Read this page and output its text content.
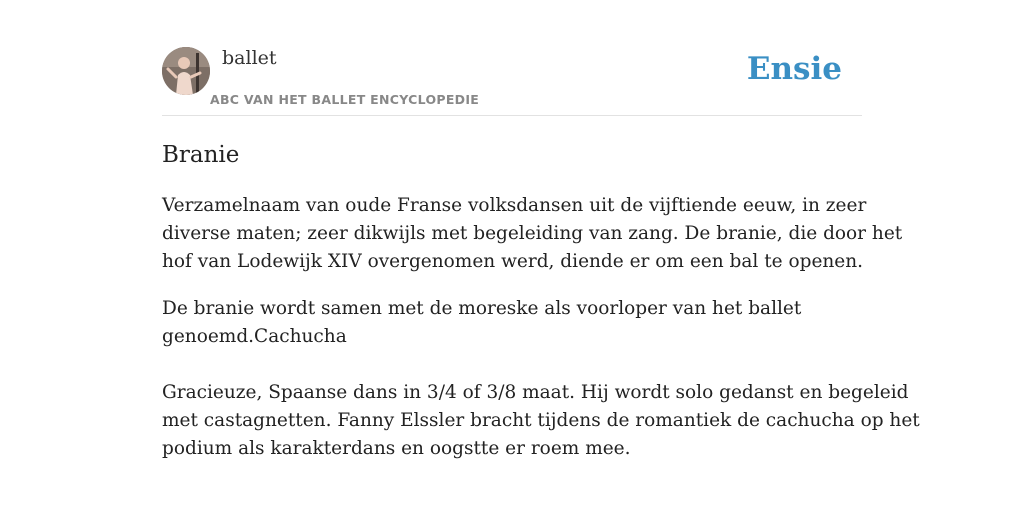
ballet
ABC VAN HET BALLET ENCYCLOPEDIE
Ensie
Branie

Verzamelnaam van oude Franse volksdansen uit de vijftiende eeuw, in zeer
diverse maten; zeer dikwijls met begeleiding van zang. De branie, die door het
hof van Lodewijk XIV overgenomen werd, diende er om een bal te openen.

De branie wordt samen met de moreske als voorloper van het ballet
genoemd.Cachucha

Gracieuze, Spaanse dans in 3/4 of 3/8 maat. Hij wordt solo gedanst en begeleid
met castagnetten. Fanny Elssler bracht tijdens de romantiek de cachucha op het
podium als karakterdans en oogstte er roem mee.
